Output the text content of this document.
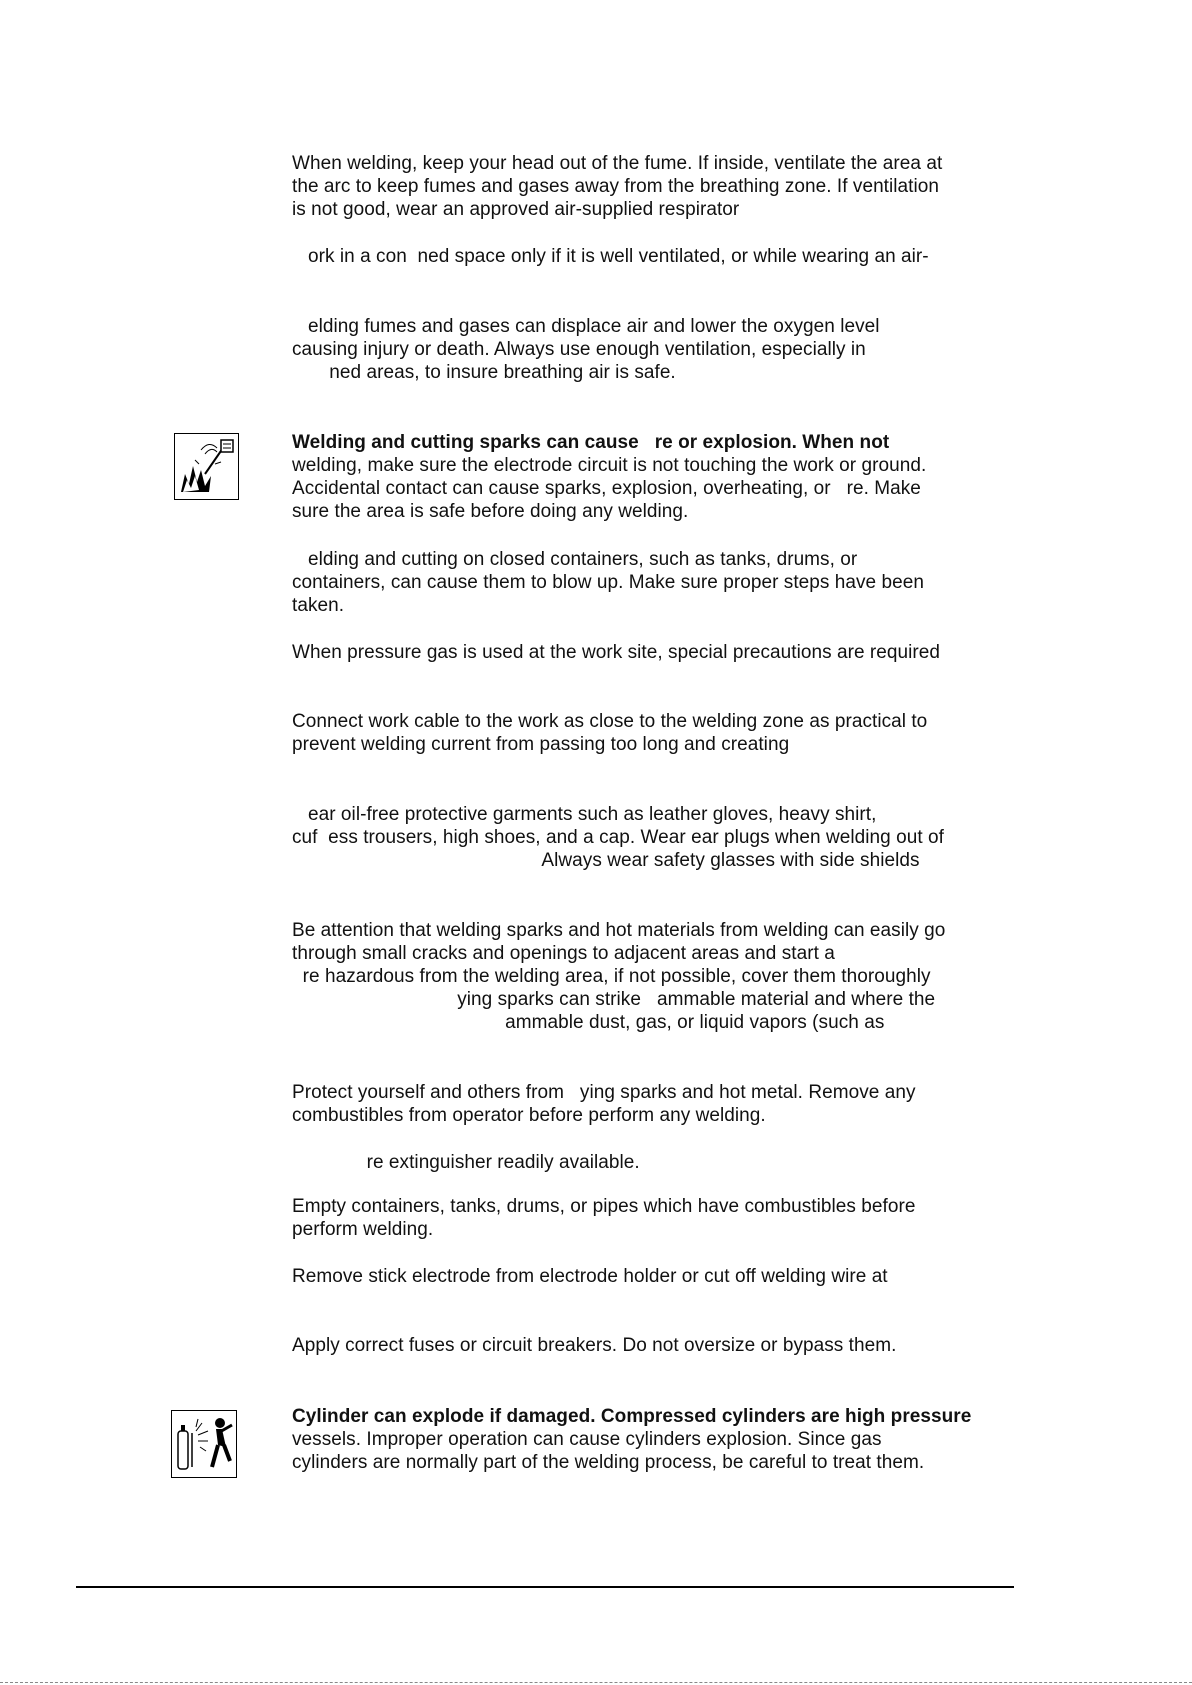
When welding, keep your head out of the fume. If inside, ventilate the area at

the arc to keep fumes and gases away from the breathing zone. If ventilation

is not good, wear an approved air-supplied respirator

ork in a con  ned space only if it is well ventilated, or while wearing an air-

elding fumes and gases can displace air and lower the oxygen level

causing injury or death. Always use enough ventilation, especially in

ned areas, to insure breathing air is safe.

Welding and cutting sparks can cause   re or explosion. When not

welding, make sure the electrode circuit is not touching the work or ground.

Accidental contact can cause sparks, explosion, overheating, or   re. Make

sure the area is safe before doing any welding.

elding and cutting on closed containers, such as tanks, drums, or

containers, can cause them to blow up. Make sure proper steps have been

taken.

When pressure gas is used at the work site, special precautions are required

Connect work cable to the work as close to the welding zone as practical to

prevent welding current from passing too long and creating

ear oil-free protective garments such as leather gloves, heavy shirt,

cuf  ess trousers, high shoes, and a cap. Wear ear plugs when welding out of

Always wear safety glasses with side shields

Be attention that welding sparks and hot materials from welding can easily go

through small cracks and openings to adjacent areas and start a

re hazardous from the welding area, if not possible, cover them thoroughly

ying sparks can strike   ammable material and where the

ammable dust, gas, or liquid vapors (such as

Protect yourself and others from   ying sparks and hot metal. Remove any

combustibles from operator before perform any welding.

re extinguisher readily available.

Empty containers, tanks, drums, or pipes which have combustibles before

perform welding.

Remove stick electrode from electrode holder or cut off welding wire at

Apply correct fuses or circuit breakers. Do not oversize or bypass them.

Cylinder can explode if damaged. Compressed cylinders are high pressure

vessels. Improper operation can cause cylinders explosion. Since gas

cylinders are normally part of the welding process, be careful to treat them.
